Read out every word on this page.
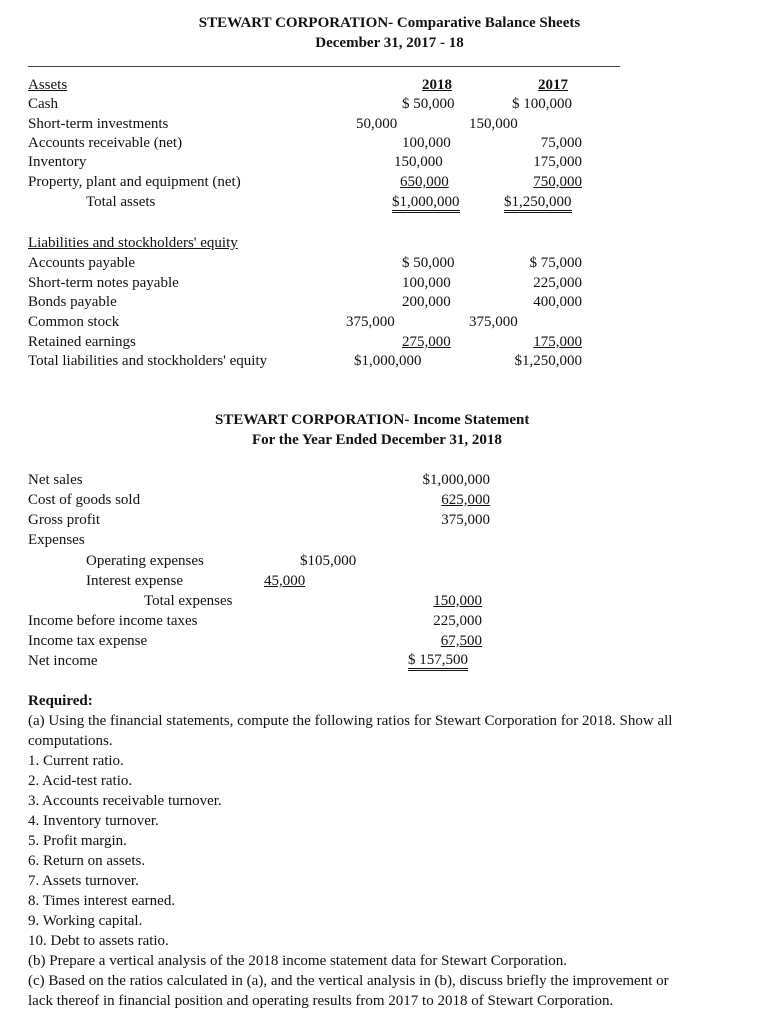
STEWART CORPORATION- Comparative Balance Sheets
December 31, 2017 - 18
Assets	2018	2017
Cash	$ 50,000	$ 100,000
Short-term investments	50,000	150,000
Accounts receivable (net)	100,000	75,000
Inventory	150,000	175,000
Property, plant and equipment (net)	650,000	750,000
Total assets	$1,000,000	$1,250,000
Liabilities and stockholders' equity
Accounts payable	$ 50,000	$ 75,000
Short-term notes payable	100,000	225,000
Bonds payable	200,000	400,000
Common stock	375,000	375,000
Retained earnings	275,000	175,000
Total liabilities and stockholders' equity	$1,000,000	$1,250,000
STEWART CORPORATION- Income Statement
For the Year Ended December 31, 2018
Net sales	$1,000,000
Cost of goods sold	625,000
Gross profit	375,000
Expenses
Operating expenses	$105,000
Interest expense	45,000
Total expenses	150,000
Income before income taxes	225,000
Income tax expense	67,500
Net income	$ 157,500
Required:
(a) Using the financial statements, compute the following ratios for Stewart Corporation for 2018. Show all
computations.
1. Current ratio.
2. Acid-test ratio.
3. Accounts receivable turnover.
4. Inventory turnover.
5. Profit margin.
6. Return on assets.
7. Assets turnover.
8. Times interest earned.
9. Working capital.
10. Debt to assets ratio.
(b) Prepare a vertical analysis of the 2018 income statement data for Stewart Corporation.
(c) Based on the ratios calculated in (a), and the vertical analysis in (b), discuss briefly the improvement or
lack thereof in financial position and operating results from 2017 to 2018 of Stewart Corporation.
